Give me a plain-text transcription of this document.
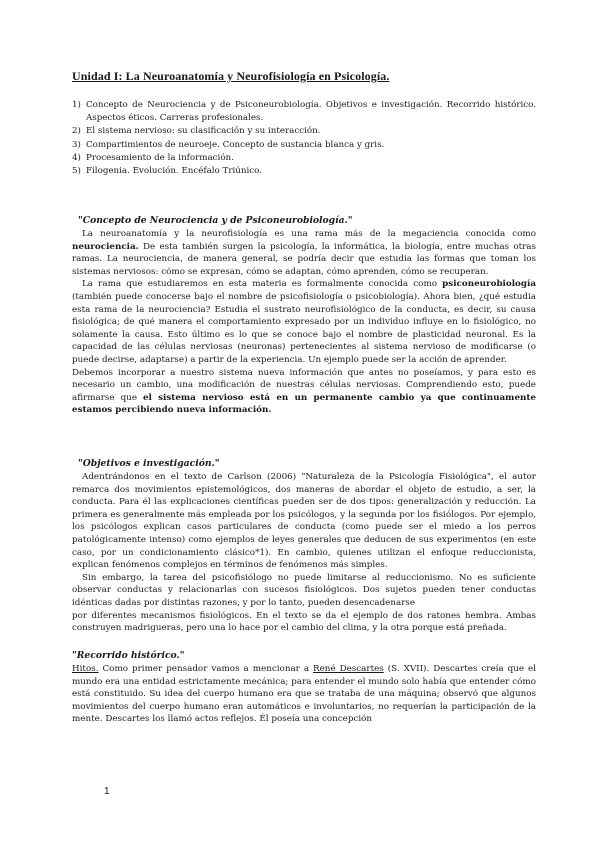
Unidad I: La Neuroanatomía y Neurofisiología en Psicología.
1) Concepto de Neurociencia y de Psiconeurobiología. Objetivos e investigación. Recorrido histórico. Aspectos éticos. Carreras profesionales.
2) El sistema nervioso: su clasificación y su interacción.
3) Compartimientos de neuroeje. Concepto de sustancia blanca y gris.
4) Procesamiento de la información.
5) Filogenia. Evolución. Encéfalo Triúnico.
"Concepto de Neurociencia y de Psiconeurobiología."

La neuroanatomía y la neurofisiología es una rama más de la megaciencia conocida como neurociencia. De esta también surgen la psicología, la informática, la biología, entre muchas otras ramas. La neurociencia, de manera general, se podría decir que estudia las formas que toman los sistemas nerviosos: cómo se expresan, cómo se adaptan, cómo aprenden, cómo se recuperan.

La rama que estudiaremos en esta materia es formalmente conocida como psiconeurobiología (también puede conocerse bajo el nombre de psicofisiología o psicobiología). Ahora bien, ¿qué estudia esta rama de la neurociencia? Estudia el sustrato neurofisiológico de la conducta, es decir, su causa fisiológica; de qué manera el comportamiento expresado por un individuo influye en lo fisiológico, no solamente la causa. Esto último es lo que se conoce bajo el nombre de plasticidad neuronal. Es la capacidad de las células nerviosas (neuronas) pertenecientes al sistema nervioso de modificarse (o puede decirse, adaptarse) a partir de la experiencia. Un ejemplo puede ser la acción de aprender.

Debemos incorporar a nuestro sistema nueva información que antes no poseíamos, y para esto es necesario un cambio, una modificación de nuestras células nerviosas. Comprendiendo esto, puede afirmarse que el sistema nervioso está en un permanente cambio ya que continuamente estamos percibiendo nueva información.

"Objetivos e investigación."

Adentrándonos en el texto de Carlson (2006) "Naturaleza de la Psicología Fisiológica", el autor remarca dos movimientos epistemológicos, dos maneras de abordar el objeto de estudio, a ser, la conducta. Para él las explicaciones científicas pueden ser de dos tipos: generalización y reducción. La primera es generalmente más empleada por los psicólogos, y la segunda por los fisiólogos. Por ejemplo, los psicólogos explican casos particulares de conducta (como puede ser el miedo a los perros patológicamente intenso) como ejemplos de leyes generales que deducen de sus experimentos (en este caso, por un condicionamiento clásico*1). En cambio, quienes utilizan el enfoque reduccionista, explican fenómenos complejos en términos de fenómenos más simples.

Sin embargo, la tarea del psicofisiólogo no puede limitarse al reduccionismo. No es suficiente observar conductas y relacionarlas con sucesos fisiológicos. Dos sujetos pueden tener conductas idénticas dadas por distintas razones, y por lo tanto, pueden desencadenarse

por diferentes mecanismos fisiológicos. En el texto se da el ejemplo de dos ratones hembra. Ambas construyen madrigueras, pero una lo hace por el cambio del clima, y la otra porque está preñada.

"Recorrido histórico."

Hitos. Como primer pensador vamos a mencionar a René Descartes (S. XVII). Descartes creía que el mundo era una entidad estrictamente mecánica; para entender el mundo solo había que entender cómo está constituido. Su idea del cuerpo humano era que se trataba de una máquina; observó que algunos movimientos del cuerpo humano eran automáticos e involuntarios, no requerían la participación de la mente. Descartes los llamó actos reflejos. Él poseía una concepción

1
